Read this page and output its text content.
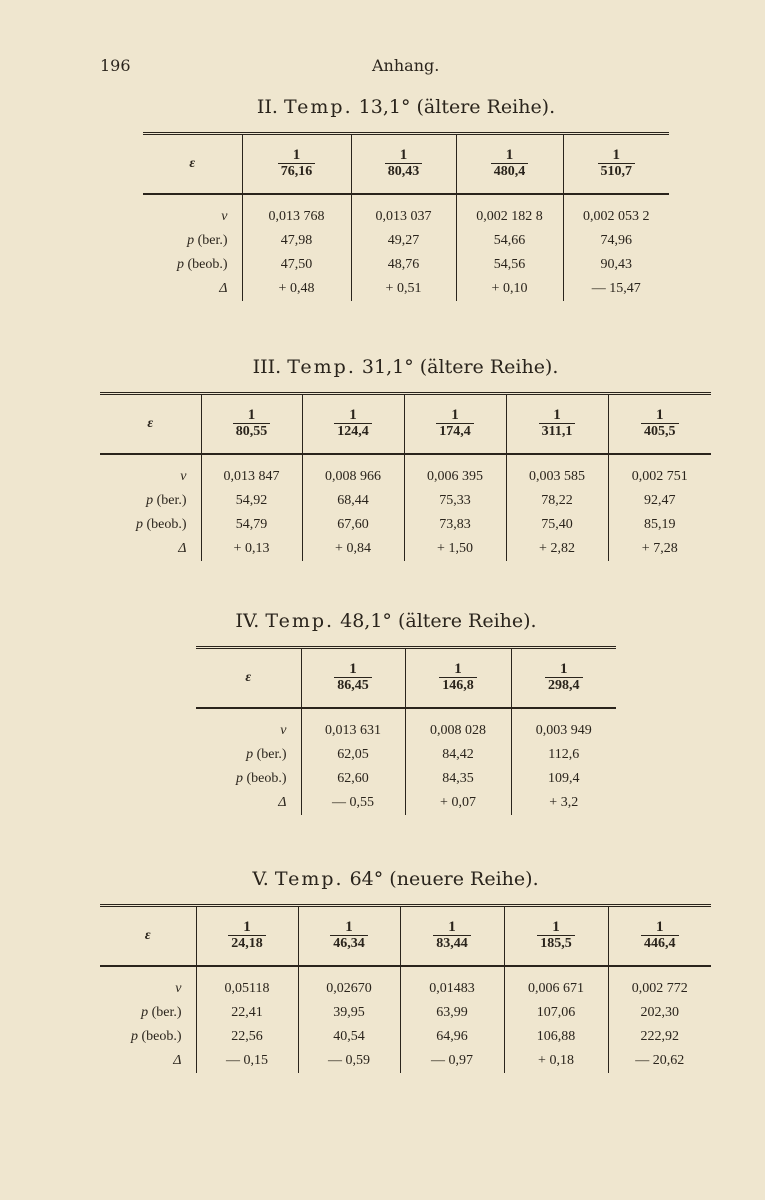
196	Anhang.
II. Temp. 13,1° (ältere Reihe).
ε	$\frac{1}{76,16}$	$\frac{1}{80,43}$	$\frac{1}{480,4}$	$\frac{1}{510,7}$

v	0,013 768	0,013 037	0,002 182 8	0,002 053 2
p (ber.)	47,98	49,27	54,66	74,96
p (beob.)	47,50	48,76	54,56	90,43
Δ	+ 0,48	+ 0,51	+ 0,10	— 15,47
III. Temp. 31,1° (ältere Reihe).
ε	$\frac{1}{80,55}$	$\frac{1}{124,4}$	$\frac{1}{174,4}$	$\frac{1}{311,1}$	$\frac{1}{405,5}$

v	0,013 847	0,008 966	0,006 395	0,003 585	0,002 751
p (ber.)	54,92	68,44	75,33	78,22	92,47
p (beob.)	54,79	67,60	73,83	75,40	85,19
Δ	+ 0,13	+ 0,84	+ 1,50	+ 2,82	+ 7,28
IV. Temp. 48,1° (ältere Reihe).
ε	$\frac{1}{86,45}$	$\frac{1}{146,8}$	$\frac{1}{298,4}$

v	0,013 631	0,008 028	0,003 949
p (ber.)	62,05	84,42	112,6
p (beob.)	62,60	84,35	109,4
Δ	— 0,55	+ 0,07	+ 3,2
V. Temp. 64° (neuere Reihe).
ε	$\frac{1}{24,18}$	$\frac{1}{46,34}$	$\frac{1}{83,44}$	$\frac{1}{185,5}$	$\frac{1}{446,4}$

v	0,05118	0,02670	0,01483	0,006 671	0,002 772
p (ber.)	22,41	39,95	63,99	107,06	202,30
p (beob.)	22,56	40,54	64,96	106,88	222,92
Δ	— 0,15	— 0,59	— 0,97	+ 0,18	— 20,62
